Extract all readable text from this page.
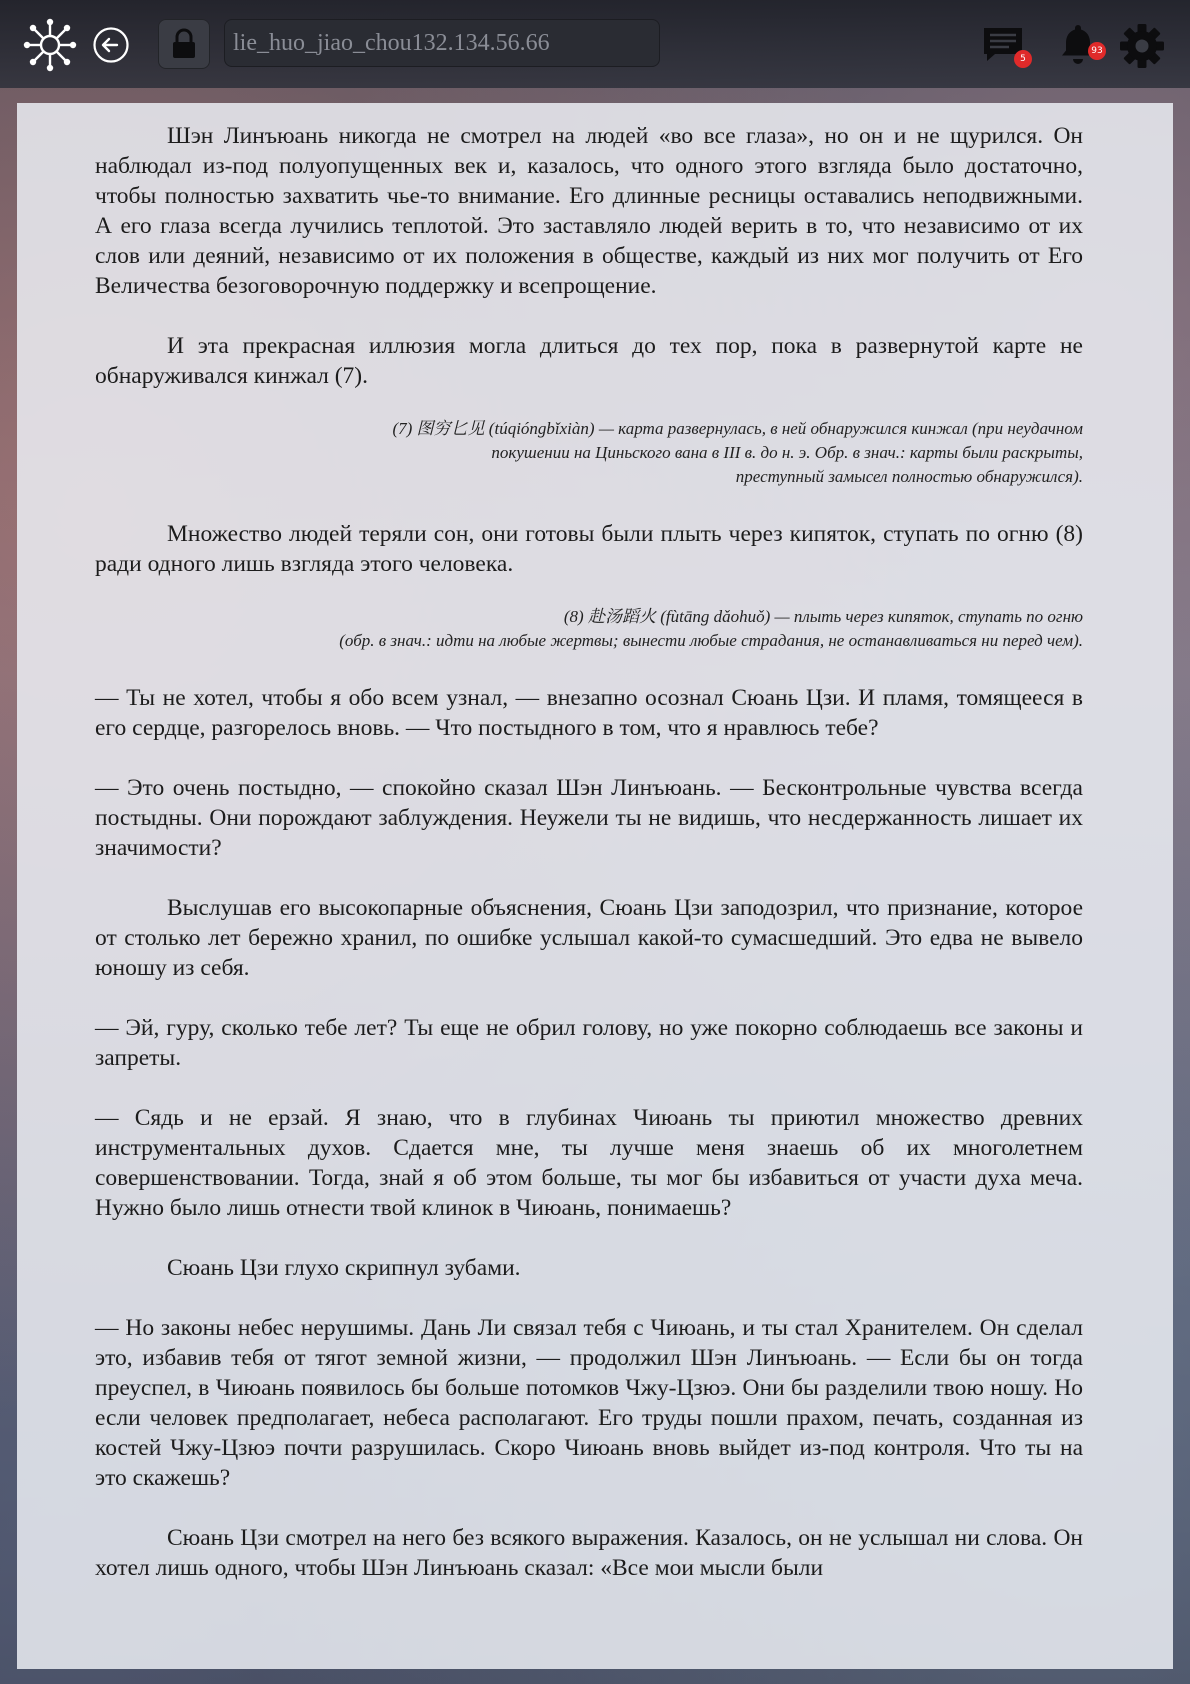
lie_huo_jiao_chou132.134.56.66
5
93

Шэн Линъюань никогда не смотрел на людей «во все глаза», но он и не щурился. Он наблюдал из-под полуопущенных век и, казалось, что одного этого взгляда было достаточно, чтобы полностью захватить чье-то внимание. Его длинные ресницы оставались неподвижными. А его глаза всегда лучились теплотой. Это заставляло людей верить в то, что независимо от их слов или деяний, независимо от их положения в обществе, каждый из них мог получить от Его Величества безоговорочную поддержку и всепрощение.

И эта прекрасная иллюзия могла длиться до тех пор, пока в развернутой карте не обнаруживался кинжал (7).

(7) 图穷匕见 (túqióngbǐxiàn) — карта развернулась, в ней обнаружился кинжал (при неудачном
покушении на Циньского вана в III в. до н. э. Обр. в знач.: карты были раскрыты,
преступный замысел полностью обнаружился).

Множество людей теряли сон, они готовы были плыть через кипяток, ступать по огню (8) ради одного лишь взгляда этого человека.

(8) 赴汤蹈火 (fùtāng dǎohuǒ) — плыть через кипяток, ступать по огню
(обр. в знач.: идти на любые жертвы; вынести любые страдания, не останавливаться ни перед чем).

— Ты не хотел, чтобы я обо всем узнал, — внезапно осознал Сюань Цзи. И пламя, томящееся в его сердце, разгорелось вновь. — Что постыдного в том, что я нравлюсь тебе?

— Это очень постыдно, — спокойно сказал Шэн Линъюань. — Бесконтрольные чувства всегда постыдны. Они порождают заблуждения. Неужели ты не видишь, что несдержанность лишает их значимости?

Выслушав его высокопарные объяснения, Сюань Цзи заподозрил, что признание, которое от столько лет бережно хранил, по ошибке услышал какой-то сумасшедший. Это едва не вывело юношу из себя.

— Эй, гуру, сколько тебе лет? Ты еще не обрил голову, но уже покорно соблюдаешь все законы и запреты.

— Сядь и не ерзай. Я знаю, что в глубинах Чиюань ты приютил множество древних инструментальных духов. Сдается мне, ты лучше меня знаешь об их многолетнем совершенствовании. Тогда, знай я об этом больше, ты мог бы избавиться от участи духа меча. Нужно было лишь отнести твой клинок в Чиюань, понимаешь?

Сюань Цзи глухо скрипнул зубами.

— Но законы небес нерушимы. Дань Ли связал тебя с Чиюань, и ты стал Хранителем. Он сделал это, избавив тебя от тягот земной жизни, — продолжил Шэн Линъюань. — Если бы он тогда преуспел, в Чиюань появилось бы больше потомков Чжу-Цзюэ. Они бы разделили твою ношу. Но если человек предполагает, небеса располагают. Его труды пошли прахом, печать, созданная из костей Чжу-Цзюэ почти разрушилась. Скоро Чиюань вновь выйдет из-под контроля. Что ты на это скажешь?

Сюань Цзи смотрел на него без всякого выражения. Казалось, он не услышал ни слова. Он хотел лишь одного, чтобы Шэн Линъюань сказал: «Все мои мысли были
